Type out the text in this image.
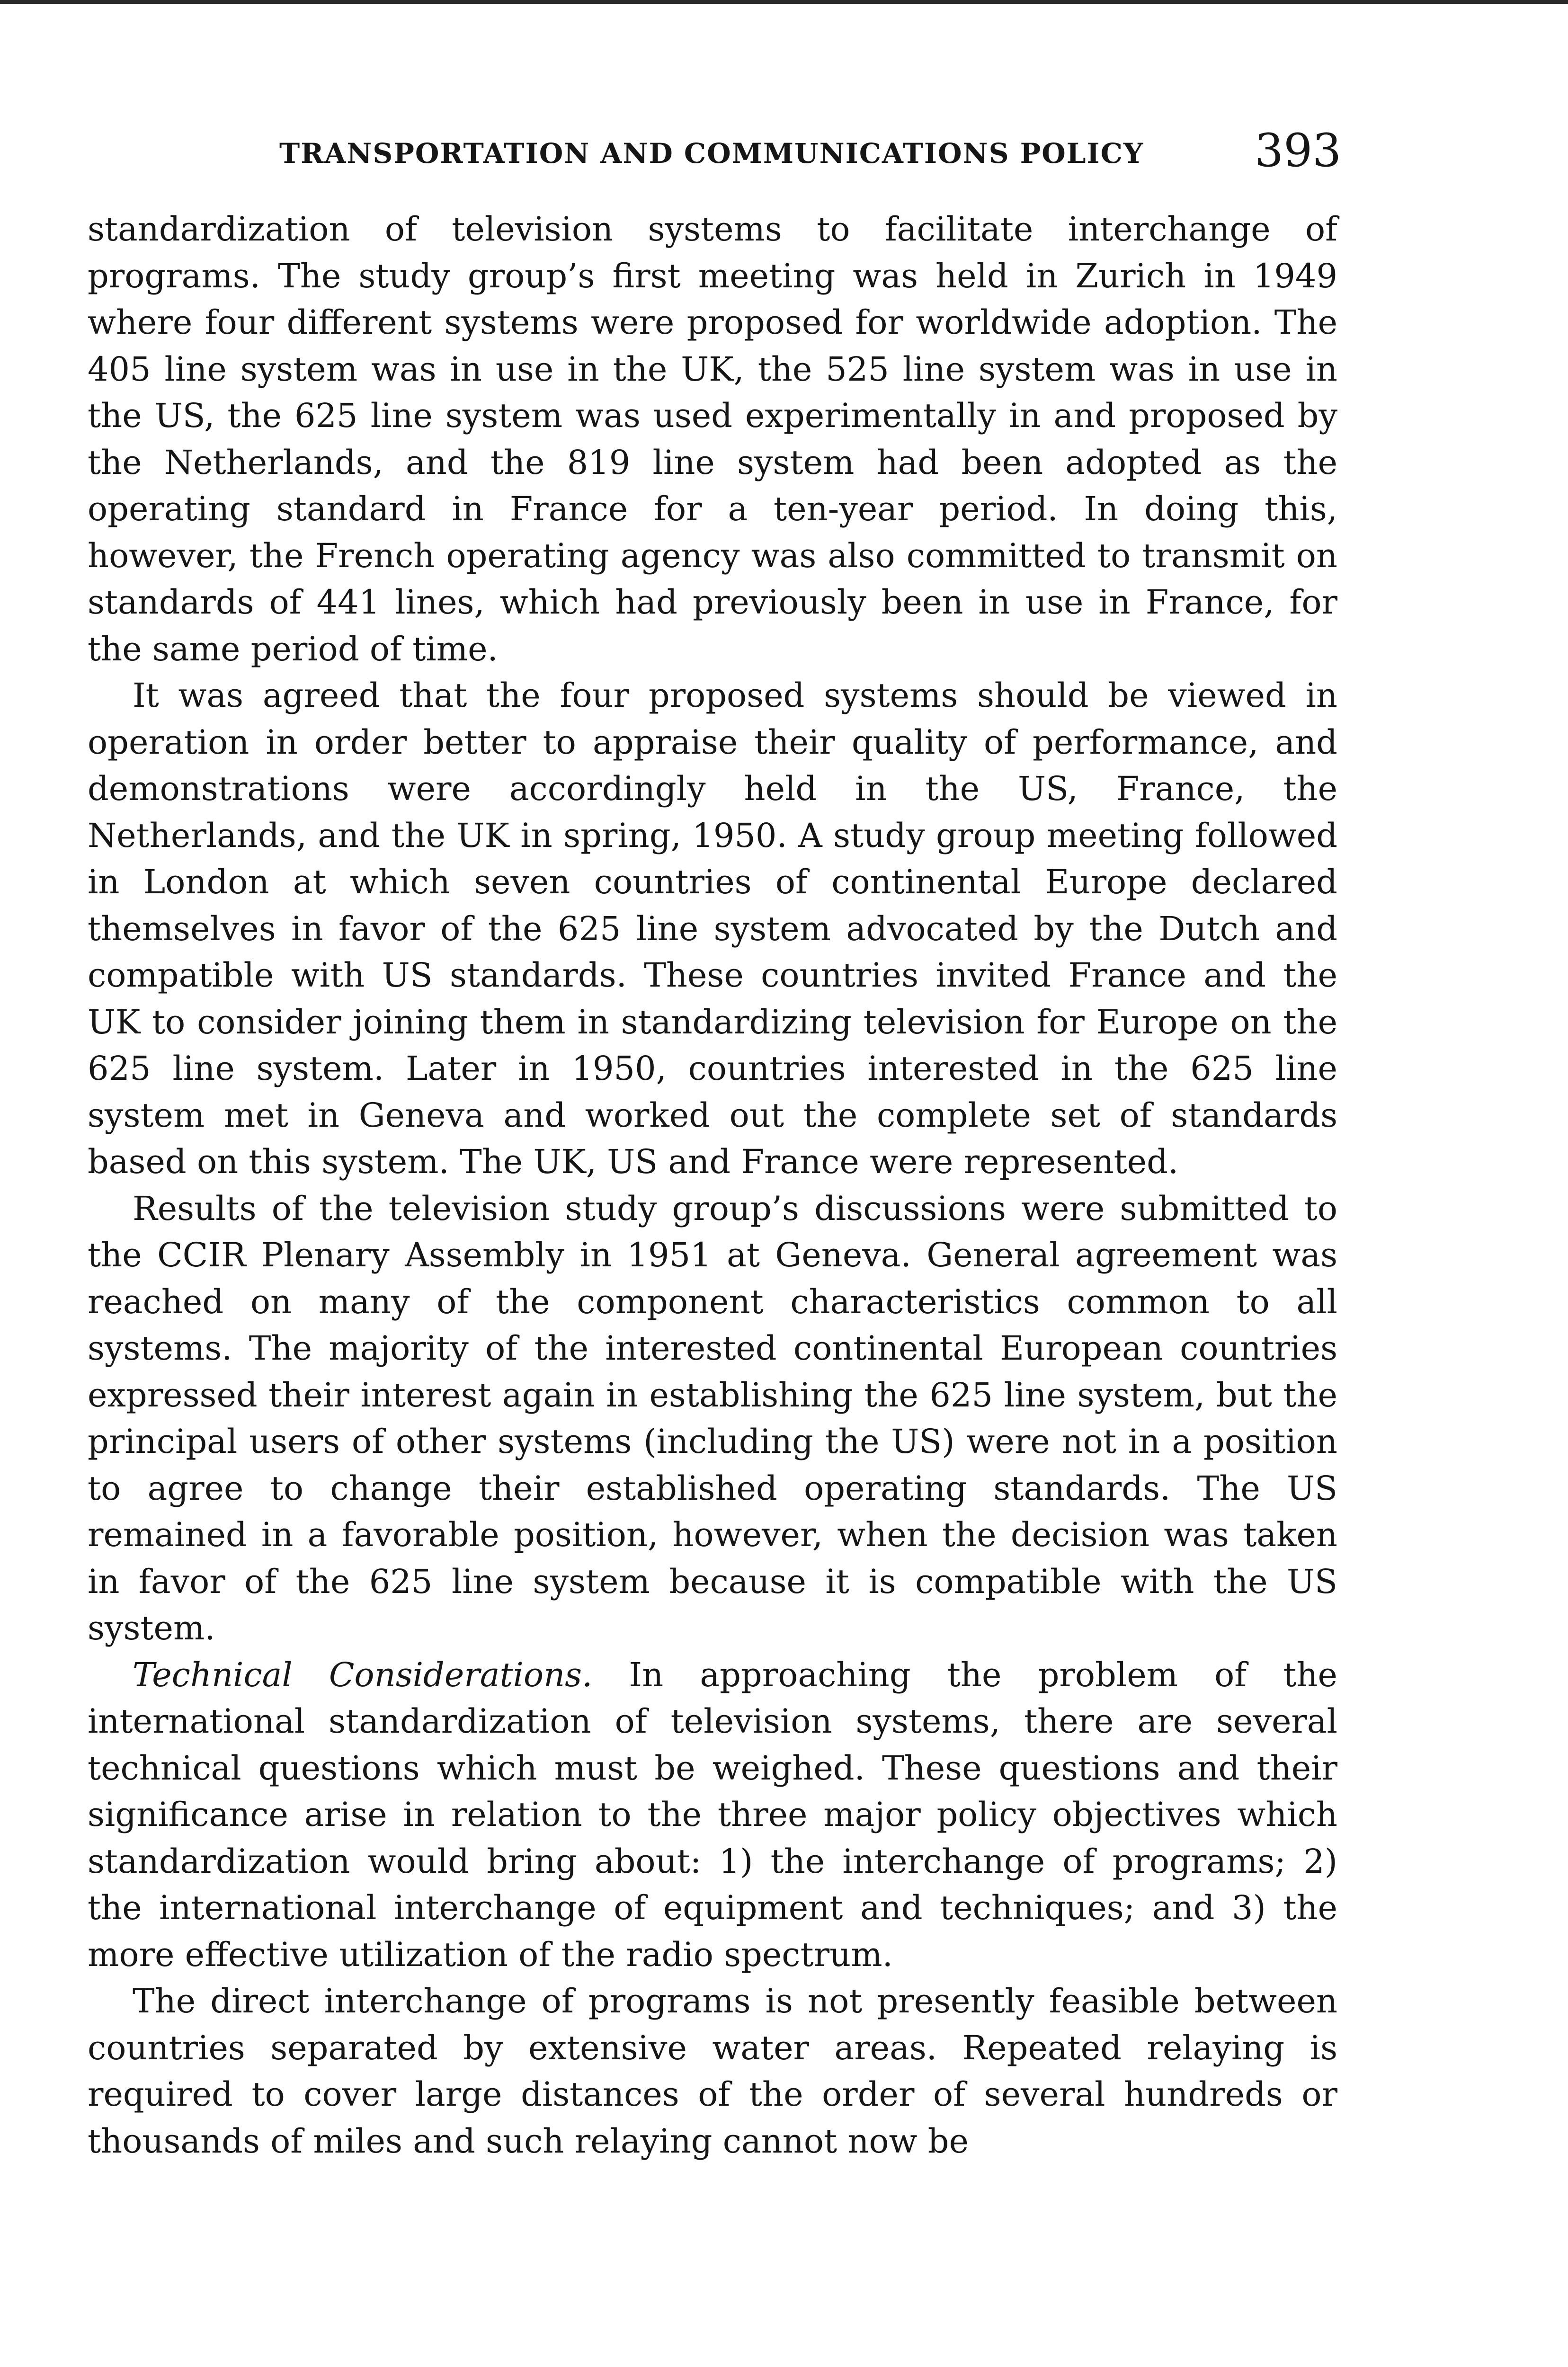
TRANSPORTATION AND COMMUNICATIONS POLICY 393

standardization of television systems to facilitate interchange of programs. The study group’s first meeting was held in Zurich in 1949 where four different systems were proposed for worldwide adoption. The 405 line system was in use in the UK, the 525 line system was in use in the US, the 625 line system was used experimentally in and proposed by the Netherlands, and the 819 line system had been adopted as the operating standard in France for a ten-year period. In doing this, however, the French operating agency was also committed to transmit on standards of 441 lines, which had previously been in use in France, for the same period of time.

It was agreed that the four proposed systems should be viewed in operation in order better to appraise their quality of performance, and demonstrations were accordingly held in the US, France, the Netherlands, and the UK in spring, 1950. A study group meeting followed in London at which seven countries of continental Europe declared themselves in favor of the 625 line system advocated by the Dutch and compatible with US standards. These countries invited France and the UK to consider joining them in standardizing television for Europe on the 625 line system. Later in 1950, countries interested in the 625 line system met in Geneva and worked out the complete set of standards based on this system. The UK, US and France were represented.

Results of the television study group’s discussions were submitted to the CCIR Plenary Assembly in 1951 at Geneva. General agreement was reached on many of the component characteristics common to all systems. The majority of the interested continental European countries expressed their interest again in establishing the 625 line system, but the principal users of other systems (including the US) were not in a position to agree to change their established operating standards. The US remained in a favorable position, however, when the decision was taken in favor of the 625 line system because it is compatible with the US system.

Technical Considerations. In approaching the problem of the international standardization of television systems, there are several technical questions which must be weighed. These questions and their significance arise in relation to the three major policy objectives which standardization would bring about: 1) the interchange of programs; 2) the international interchange of equipment and techniques; and 3) the more effective utilization of the radio spectrum.

The direct interchange of programs is not presently feasible between countries separated by extensive water areas. Repeated relaying is required to cover large distances of the order of several hundreds or thousands of miles and such relaying cannot now be
